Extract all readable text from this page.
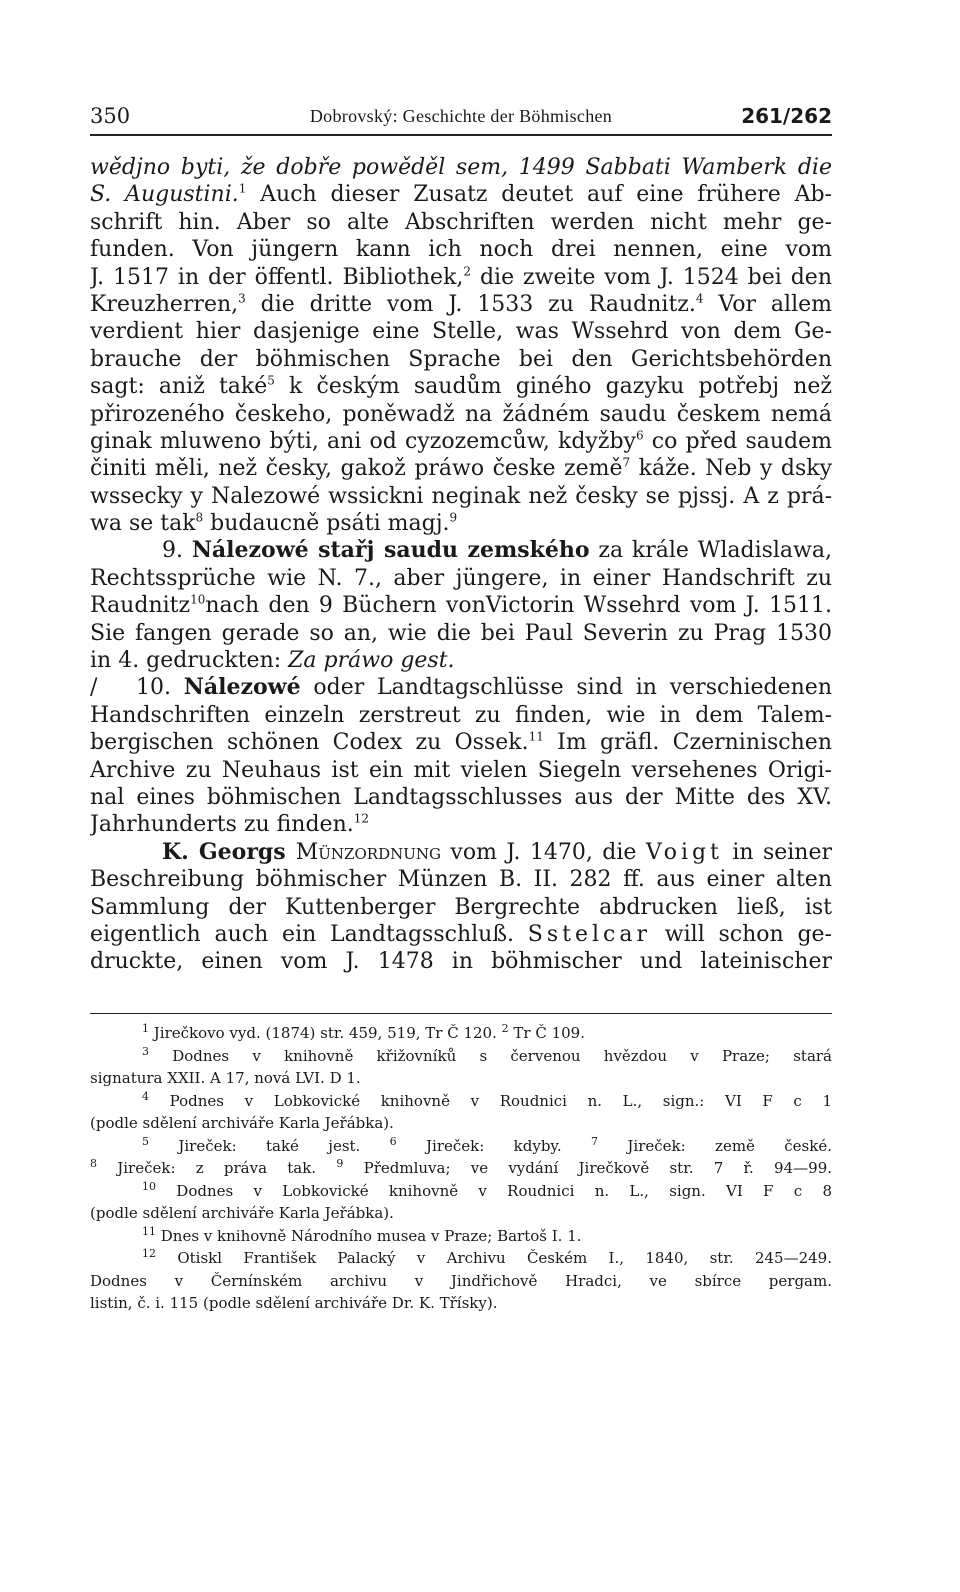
350	Dobrovský: Geschichte der Böhmischen	261/262
wědjno byti, že dobře powěděl sem, 1499 Sabbati Wamberk die
S. Augustini.$^1$ Auch dieser Zusatz deutet auf eine frühere Ab-
schrift hin. Aber so alte Abschriften werden nicht mehr ge-
funden. Von jüngern kann ich noch drei nennen, eine vom
J. 1517 in der öffentl. Bibliothek,$^2$ die zweite vom J. 1524 bei den
Kreuzherren,$^3$ die dritte vom J. 1533 zu Raudnitz.$^4$ Vor allem
verdient hier dasjenige eine Stelle, was Wssehrd von dem Ge-
brauche der böhmischen Sprache bei den Gerichtsbehörden
sagt: aniž také$^5$ k českým saudům giného gazyku potřebj než
přirozeného českeho, poněwadž na žádném saudu českem nemá
ginak mluweno býti, ani od cyzozemcůw, kdyžby$^6$ co před saudem
činiti měli, než česky, gakož práwo česke země$^7$ káže. Neb y dsky
wssecky y Nalezowé wssickni neginak než česky se pjssj. A z prá-
wa se tak$^8$ budaucně psáti magj.$^9$
9. Nálezowé stařj saudu zemského za krále Wladislawa,
Rechtssprüche wie N. 7., aber jüngere, in einer Handschrift zu
Raudnitz$^{10}$nach den 9 Büchern vonVictorin Wssehrd vom J. 1511.
Sie fangen gerade so an, wie die bei Paul Severin zu Prag 1530
in 4. gedruckten: Za práwo gest.
/ 10. Nálezowé oder Landtagschlüsse sind in verschiedenen
Handschriften einzeln zerstreut zu finden, wie in dem Talem-
bergischen schönen Codex zu Ossek.$^{11}$ Im gräfl. Czerninischen
Archive zu Neuhaus ist ein mit vielen Siegeln versehenes Origi-
nal eines böhmischen Landtagsschlusses aus der Mitte des XV.
Jahrhunderts zu finden.$^{12}$
K. Georgs Münzordnung vom J. 1470, die Voigt in seiner
Beschreibung böhmischer Münzen B. II. 282 ff. aus einer alten
Sammlung der Kuttenberger Bergrechte abdrucken ließ, ist
eigentlich auch ein Landtagsschluß. Sstelcar will schon ge-
druckte, einen vom J. 1478 in böhmischer und lateinischer
$^1$ Jirečkovo vyd. (1874) str. 459, 519, Tr Č 120. $^2$ Tr Č 109.
$^3$ Dodnes v knihovně křižovníků s červenou hvězdou v Praze; stará
signatura XXII. A 17, nová LVI. D 1.
$^4$ Podnes v Lobkovické knihovně v Roudnici n. L., sign.: VI F c 1
(podle sdělení archiváře Karla Jeřábka).
$^5$ Jireček: také jest. $^6$ Jireček: kdyby. $^7$ Jireček: země české.
$^8$ Jireček: z práva tak. $^9$ Předmluva; ve vydání Jirečkově str. 7 ř. 94—99.
$^{10}$ Dodnes v Lobkovické knihovně v Roudnici n. L., sign. VI F c 8
(podle sdělení archiváře Karla Jeřábka).
$^{11}$ Dnes v knihovně Národního musea v Praze; Bartoš I. 1.
$^{12}$ Otiskl František Palacký v Archivu Českém I., 1840, str. 245—249.
Dodnes v Černínském archivu v Jindřichově Hradci, ve sbírce pergam.
listin, č. i. 115 (podle sdělení archiváře Dr. K. Třísky).
